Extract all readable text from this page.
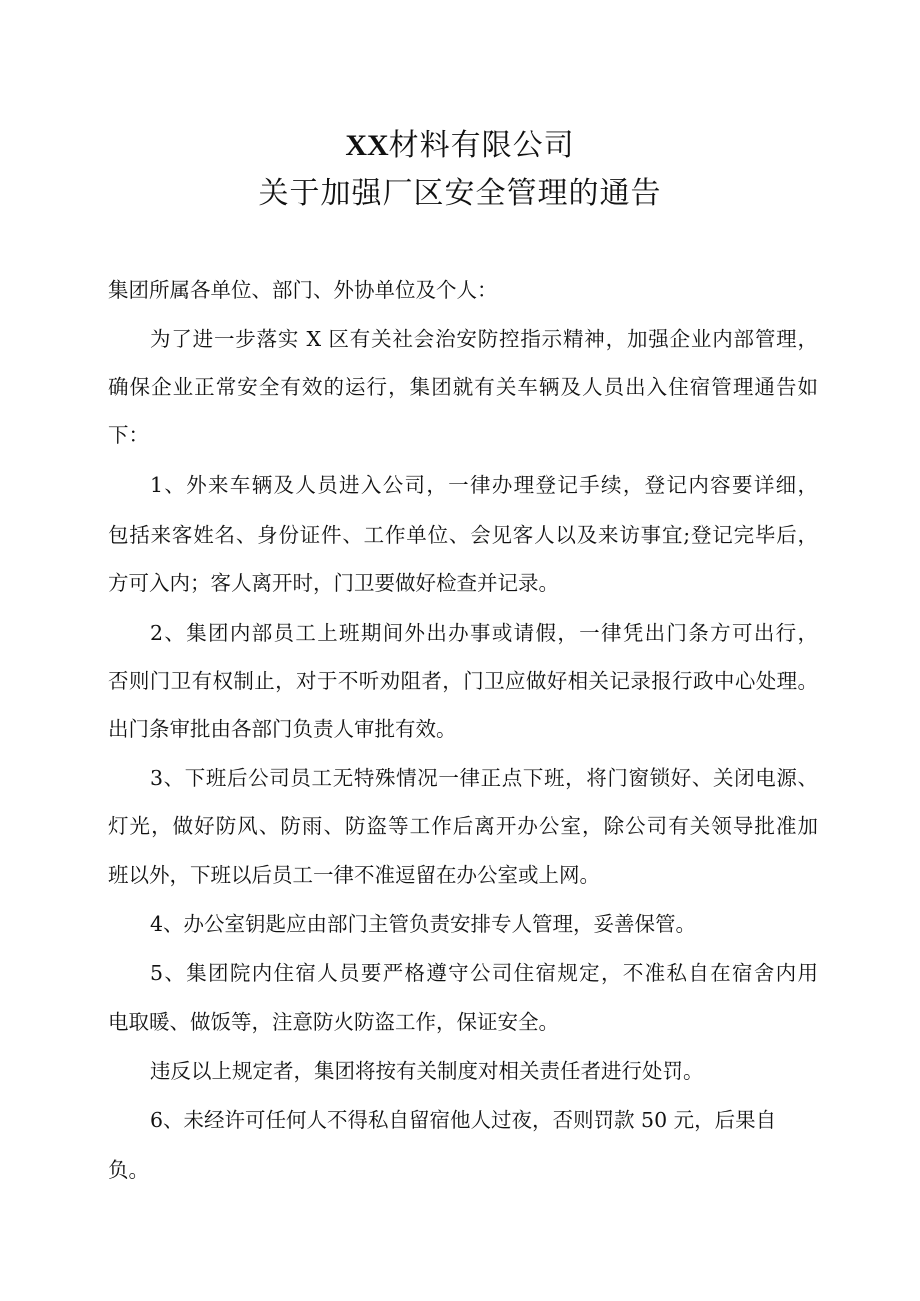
XX材料有限公司
关于加强厂区安全管理的通告
集团所属各单位、部门、外协单位及个人：
为了进一步落实 X 区有关社会治安防控指示精神，加强企业内部管理，
确保企业正常安全有效的运行，集团就有关车辆及人员出入住宿管理通告如
下：
1、外来车辆及人员进入公司，一律办理登记手续，登记内容要详细，
包括来客姓名、身份证件、工作单位、会见客人以及来访事宜;登记完毕后，
方可入内；客人离开时，门卫要做好检查并记录。
2、集团内部员工上班期间外出办事或请假，一律凭出门条方可出行，
否则门卫有权制止，对于不听劝阻者，门卫应做好相关记录报行政中心处理。
出门条审批由各部门负责人审批有效。
3、下班后公司员工无特殊情况一律正点下班，将门窗锁好、关闭电源、
灯光，做好防风、防雨、防盗等工作后离开办公室，除公司有关领导批准加
班以外，下班以后员工一律不准逗留在办公室或上网。
4、办公室钥匙应由部门主管负责安排专人管理，妥善保管。
5、集团院内住宿人员要严格遵守公司住宿规定，不准私自在宿舍内用
电取暖、做饭等，注意防火防盗工作，保证安全。
违反以上规定者，集团将按有关制度对相关责任者进行处罚。
6、未经许可任何人不得私自留宿他人过夜，否则罚款 50 元，后果自
负。
